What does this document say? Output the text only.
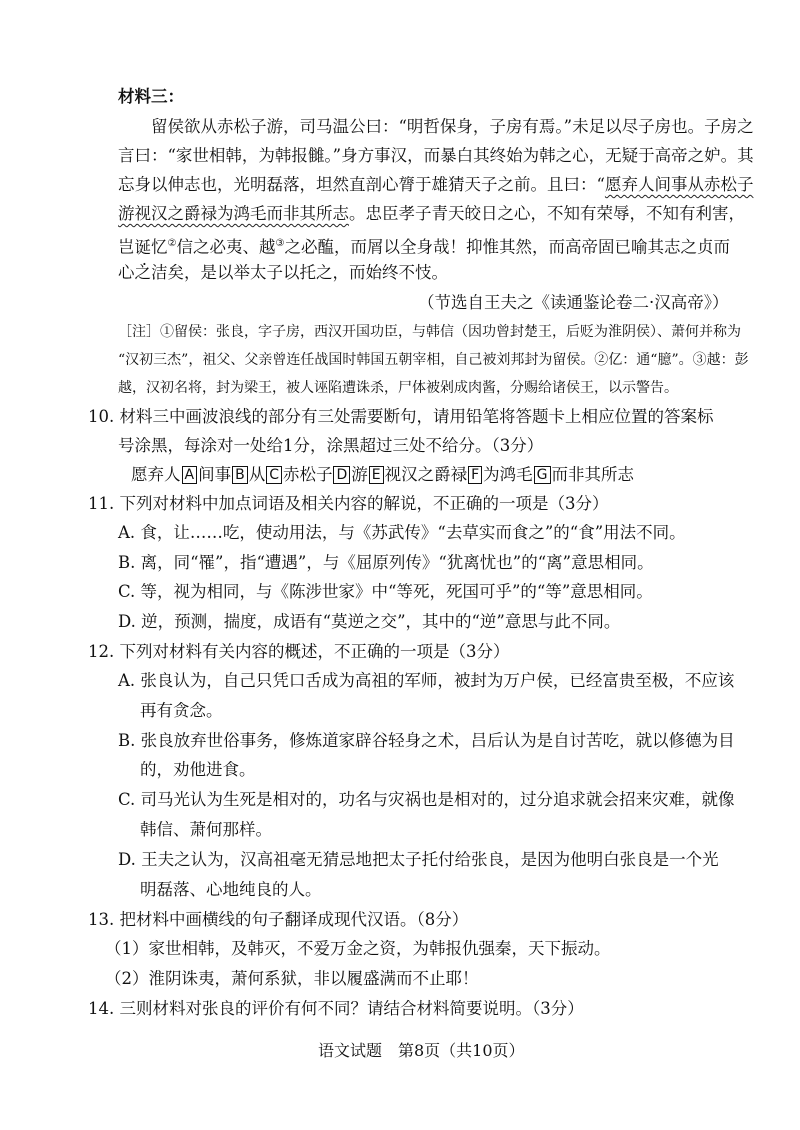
材料三：
留侯欲从赤松子游，司马温公曰：“明哲保身，子房有焉。”未足以尽子房也。子房之
言曰：“家世相韩，为韩报雠。”身方事汉，而暴白其终始为韩之心，无疑于高帝之妒。其
忘身以伸志也，光明磊落，坦然直剖心膂于雄猜天子之前。且曰：“愿弃人间事从赤松子
游视汉之爵禄为鸿毛而非其所志。忠臣孝子青天皎日之心，不知有荣辱，不知有利害，
岂诞忆②信之必夷、越③之必醢，而屑以全身哉！抑惟其然，而高帝固已喻其志之贞而
心之洁矣，是以举太子以托之，而始终不忮。
（节选自王夫之《读通鉴论卷二·汉高帝》）
［注］①留侯：张良，字子房，西汉开国功臣，与韩信（因功曾封楚王，后贬为淮阴侯）、萧何并称为
“汉初三杰”，祖父、父亲曾连任战国时韩国五朝宰相，自己被刘邦封为留侯。②亿：通“臆”。③越：彭
越，汉初名将，封为梁王，被人诬陷遭诛杀，尸体被剁成肉酱，分赐给诸侯王，以示警告。
10. 材料三中画波浪线的部分有三处需要断句，请用铅笔将答题卡上相应位置的答案标
号涂黑，每涂对一处给1分，涂黑超过三处不给分。（3分）
愿弃人 A 间事 B 从 C 赤松子 D 游 E 视汉之爵禄 F 为鸿毛 G 而非其所志
11. 下列对材料中加点词语及相关内容的解说，不正确的一项是（3分）
A. 食，让……吃，使动用法，与《苏武传》“去草实而食之”的“食”用法不同。
B. 离，同“罹”，指“遭遇”，与《屈原列传》“犹离忧也”的“离”意思相同。
C. 等，视为相同，与《陈涉世家》中“等死，死国可乎”的“等”意思相同。
D. 逆，预测，揣度，成语有“莫逆之交”，其中的“逆”意思与此不同。
12. 下列对材料有关内容的概述，不正确的一项是（3分）
A. 张良认为，自己只凭口舌成为高祖的军师，被封为万户侯，已经富贵至极，不应该
再有贪念。
B. 张良放弃世俗事务，修炼道家辟谷轻身之术，吕后认为是自讨苦吃，就以修德为目
的，劝他进食。
C. 司马光认为生死是相对的，功名与灾祸也是相对的，过分追求就会招来灾难，就像
韩信、萧何那样。
D. 王夫之认为，汉高祖毫无猜忌地把太子托付给张良，是因为他明白张良是一个光
明磊落、心地纯良的人。
13. 把材料中画横线的句子翻译成现代汉语。（8分）
（1）家世相韩，及韩灭，不爱万金之资，为韩报仇强秦，天下振动。
（2）淮阴诛夷，萧何系狱，非以履盛满而不止耶！
14. 三则材料对张良的评价有何不同？请结合材料简要说明。（3分）
语文试题　第8页（共10页）
